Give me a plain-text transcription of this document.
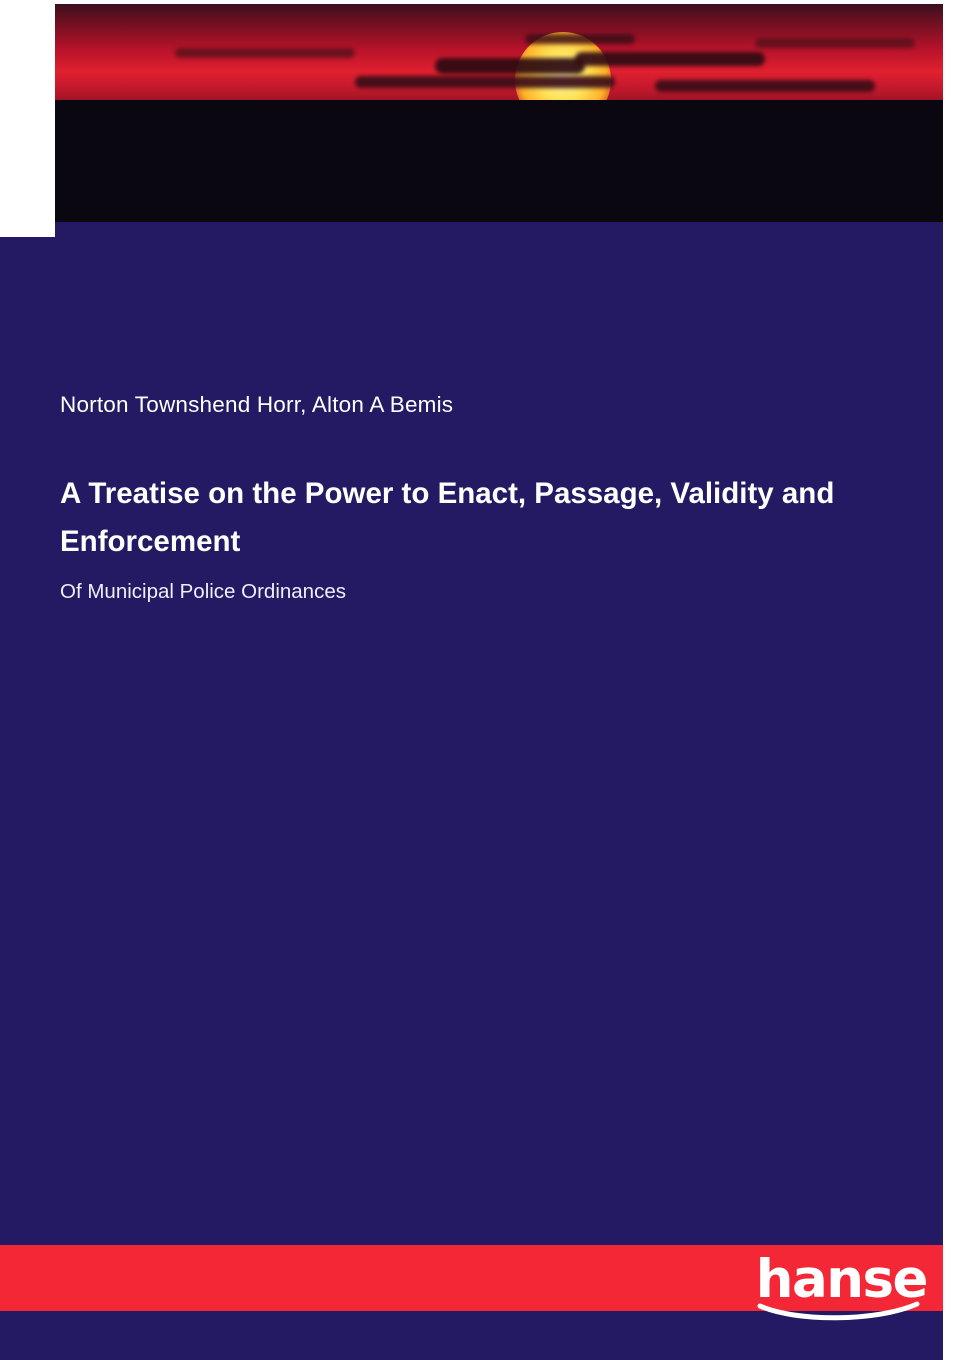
Norton Townshend Horr, Alton A Bemis

A Treatise on the Power to Enact, Passage, Validity and Enforcement

Of Municipal Police Ordinances

hanse
